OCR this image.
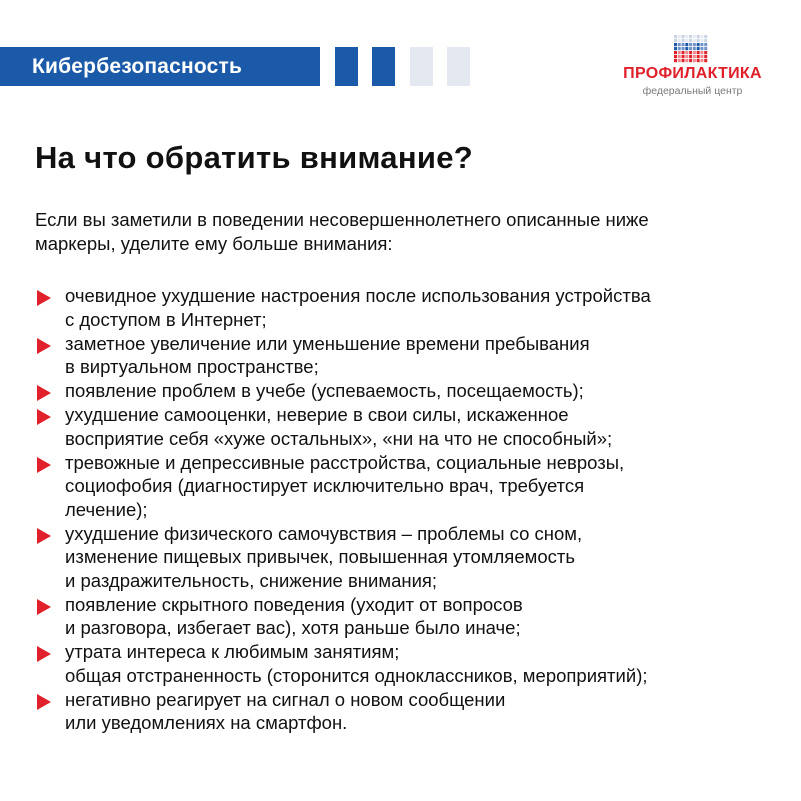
Кибербезопасность	ПРОФИЛАКТИКА
федеральный центр
На что обратить внимание?

Если вы заметили в поведении несовершеннолетнего описанные ниже
маркеры, уделите ему больше внимания:

очевидное ухудшение настроения после использования устройства
с доступом в Интернет;
заметное увеличение или уменьшение времени пребывания
в виртуальном пространстве;
появление проблем в учебе (успеваемость, посещаемость);
ухудшение самооценки, неверие в свои силы, искаженное
восприятие себя «хуже остальных», «ни на что не способный»;
тревожные и депрессивные расстройства, социальные неврозы,
социофобия (диагностирует исключительно врач, требуется
лечение);
ухудшение физического самочувствия – проблемы со сном,
изменение пищевых привычек, повышенная утомляемость
и раздражительность, снижение внимания;
появление скрытного поведения (уходит от вопросов
и разговора, избегает вас), хотя раньше было иначе;
утрата интереса к любимым занятиям;
общая отстраненность (сторонится одноклассников, мероприятий);
негативно реагирует на сигнал о новом сообщении
или уведомлениях на смартфон.
